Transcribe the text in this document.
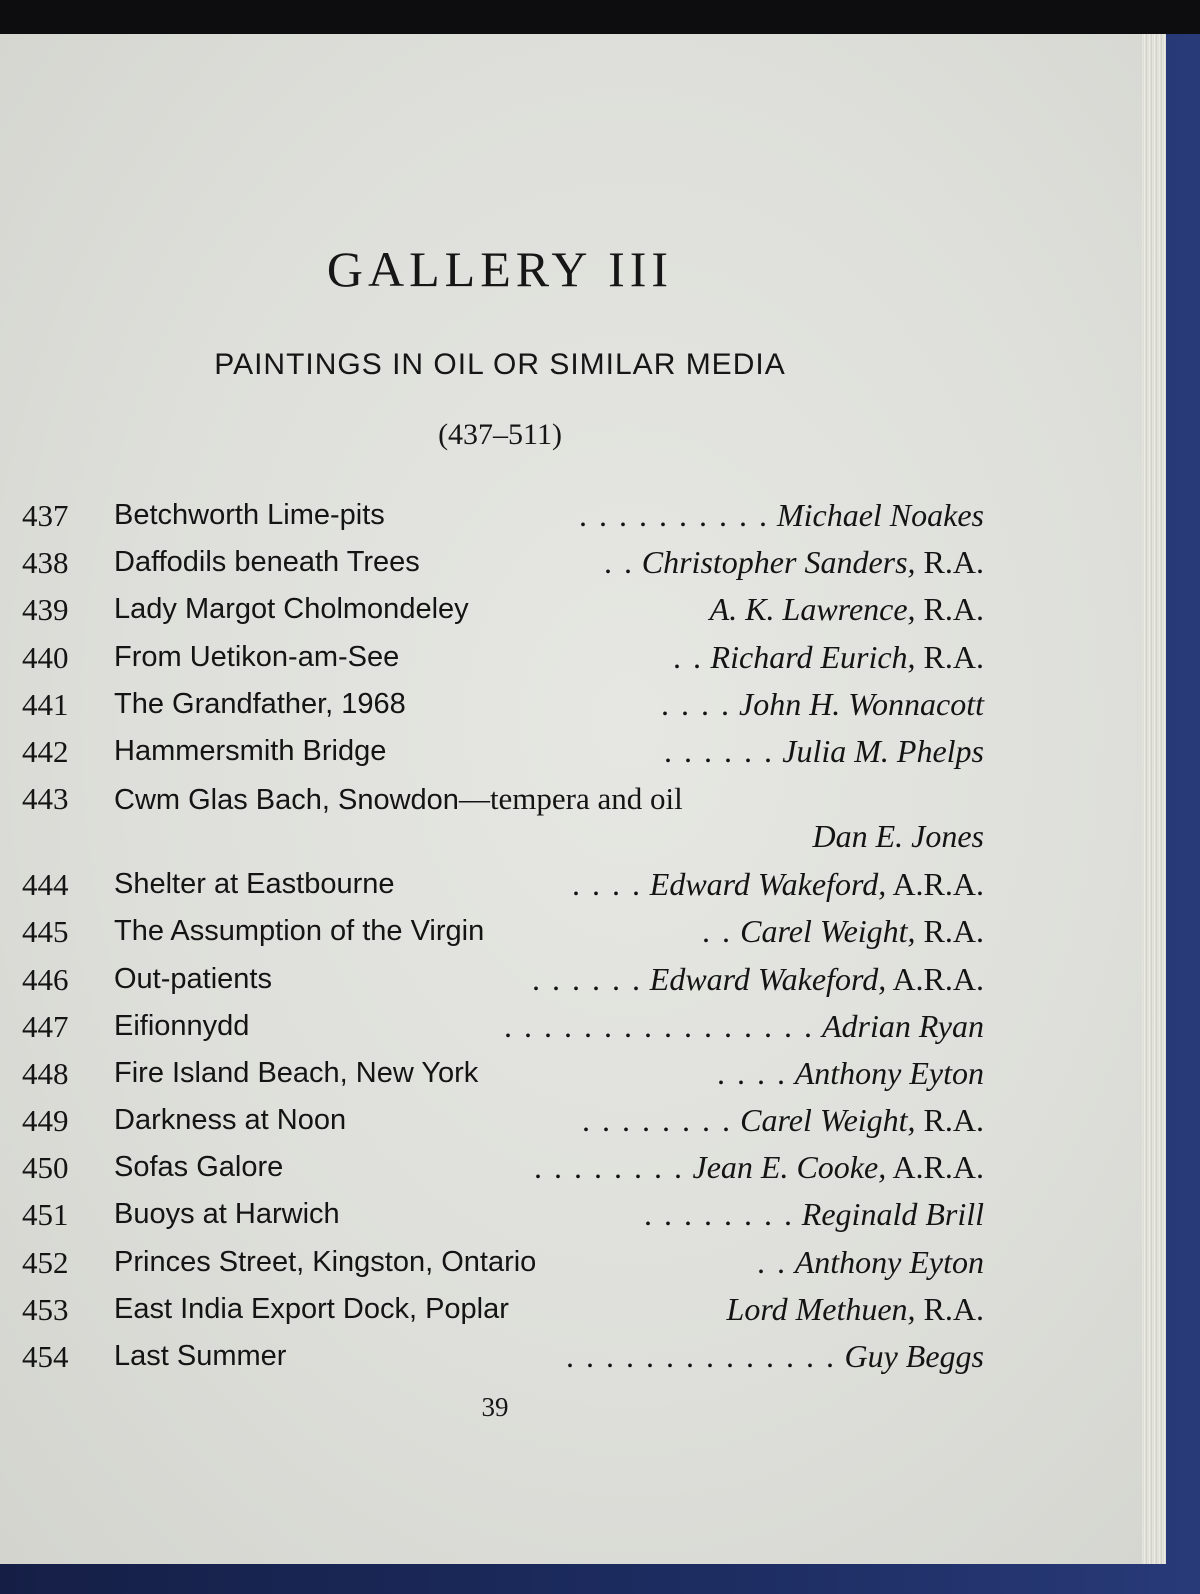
GALLERY III
PAINTINGS IN OIL OR SIMILAR MEDIA
(437–511)
437	Betchworth Lime-pits	. . . . . . . . . . Michael Noakes
438	Daffodils beneath Trees	. . Christopher Sanders, R.A.
439	Lady Margot Cholmondeley	A. K. Lawrence, R.A.
440	From Uetikon-am-See	. . Richard Eurich, R.A.
441	The Grandfather, 1968	. . . . John H. Wonnacott
442	Hammersmith Bridge	. . . . . . Julia M. Phelps
443	Cwm Glas Bach, Snowdon—tempera and oil
Dan E. Jones
444	Shelter at Eastbourne	. . . . Edward Wakeford, A.R.A.
445	The Assumption of the Virgin	. . Carel Weight, R.A.
446	Out-patients	. . . . . . Edward Wakeford, A.R.A.
447	Eifionnydd	. . . . . . . . . . . . . . . . Adrian Ryan
448	Fire Island Beach, New York	. . . . Anthony Eyton
449	Darkness at Noon	. . . . . . . . Carel Weight, R.A.
450	Sofas Galore	. . . . . . . . Jean E. Cooke, A.R.A.
451	Buoys at Harwich	. . . . . . . . Reginald Brill
452	Princes Street, Kingston, Ontario	. . Anthony Eyton
453	East India Export Dock, Poplar	Lord Methuen, R.A.
454	Last Summer	. . . . . . . . . . . . . . Guy Beggs
39
